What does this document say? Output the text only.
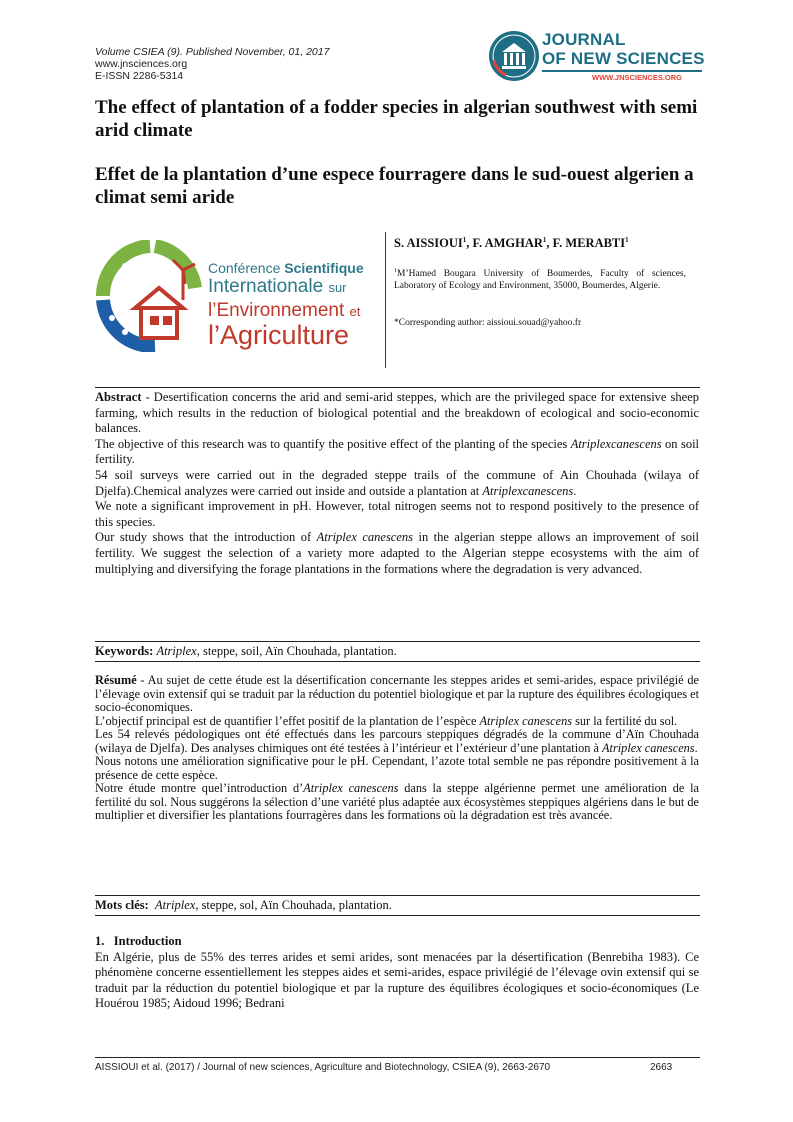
Volume CSIEA (9). Published November, 01, 2017
www.jnsciences.org
E-ISSN 2286-5314
JOURNAL
OF NEW SCIENCES
WWW.JNSCIENCES.ORG
The effect of plantation of a fodder species in algerian southwest with semi arid climate
Effet de la plantation d’une espece fourragere dans le sud-ouest algerien a climat semi aride
Conférence Scientifique
Internationale sur
l’Environnement et
l’Agriculture
S. AISSIOUI$^1$, F. AMGHAR$^1$, F. MERABTI$^1$
$^1$M’Hamed Bougara University of Boumerdes, Faculty of sciences, Laboratory of Ecology and Environment, 35000, Boumerdes, Algerie.
*Corresponding author: aissioui.souad@yahoo.fr

Abstract - Desertification concerns the arid and semi-arid steppes, which are the privileged space for extensive sheep farming, which results in the reduction of biological potential and the breakdown of ecological and socio-economic balances.

The objective of this research was to quantify the positive effect of the planting of the species Atriplexcanescens on soil fertility.

54 soil surveys were carried out in the degraded steppe trails of the commune of Ain Chouhada (wilaya of Djelfa).Chemical analyzes were carried out inside and outside a plantation at Atriplexcanescens.

We note a significant improvement in pH. However, total nitrogen seems not to respond positively to the presence of this species.

Our study shows that the introduction of Atriplex canescens in the algerian steppe allows an improvement of soil fertility. We suggest the selection of a variety more adapted to the Algerian steppe ecosystems with the aim of multiplying and diversifying the forage plantations in the formations where the degradation is very advanced.

Keywords: Atriplex, steppe, soil, Aïn Chouhada, plantation.

Résumé - Au sujet de cette étude est la désertification concernante les steppes arides et semi-arides, espace privilégié de l’élevage ovin extensif qui se traduit par la réduction du potentiel biologique et par la rupture des équilibres écologiques et socio-économiques.

L’objectif principal est de quantifier l’effet positif de la plantation de l’espèce Atriplex canescens sur la fertilité du sol.

Les 54 relevés pédologiques ont été effectués dans les parcours steppiques dégradés de la commune d’Aïn Chouhada (wilaya de Djelfa). Des analyses chimiques ont été testées à l’intérieur et l’extérieur d’une plantation à Atriplex canescens.

Nous notons une amélioration significative pour le pH. Cependant, l’azote total semble ne pas répondre positivement à la présence de cette espèce.

Notre étude montre quel’introduction d’Atriplex canescens dans la steppe algérienne permet une amélioration de la fertilité du sol. Nous suggérons la sélection d’une variété plus adaptée aux écosystèmes steppiques algériens dans le but de multiplier et diversifier les plantations fourragères dans les formations où la dégradation est très avancée.

Mots clés: Atriplex, steppe, sol, Aïn Chouhada, plantation.

1.   Introduction

En Algérie, plus de 55% des terres arides et semi arides, sont menacées par la désertification (Benrebiha 1983). Ce phénomène concerne essentiellement les steppes aides et semi-arides, espace privilégié de l’élevage ovin extensif qui se traduit par la réduction du potentiel biologique et par la rupture des équilibres écologiques et socio-économiques (Le Houérou 1985; Aidoud 1996; Bedrani

AISSIOUI et al. (2017) / Journal of new sciences, Agriculture and Biotechnology, CSIEA (9), 2663-2670	2663
